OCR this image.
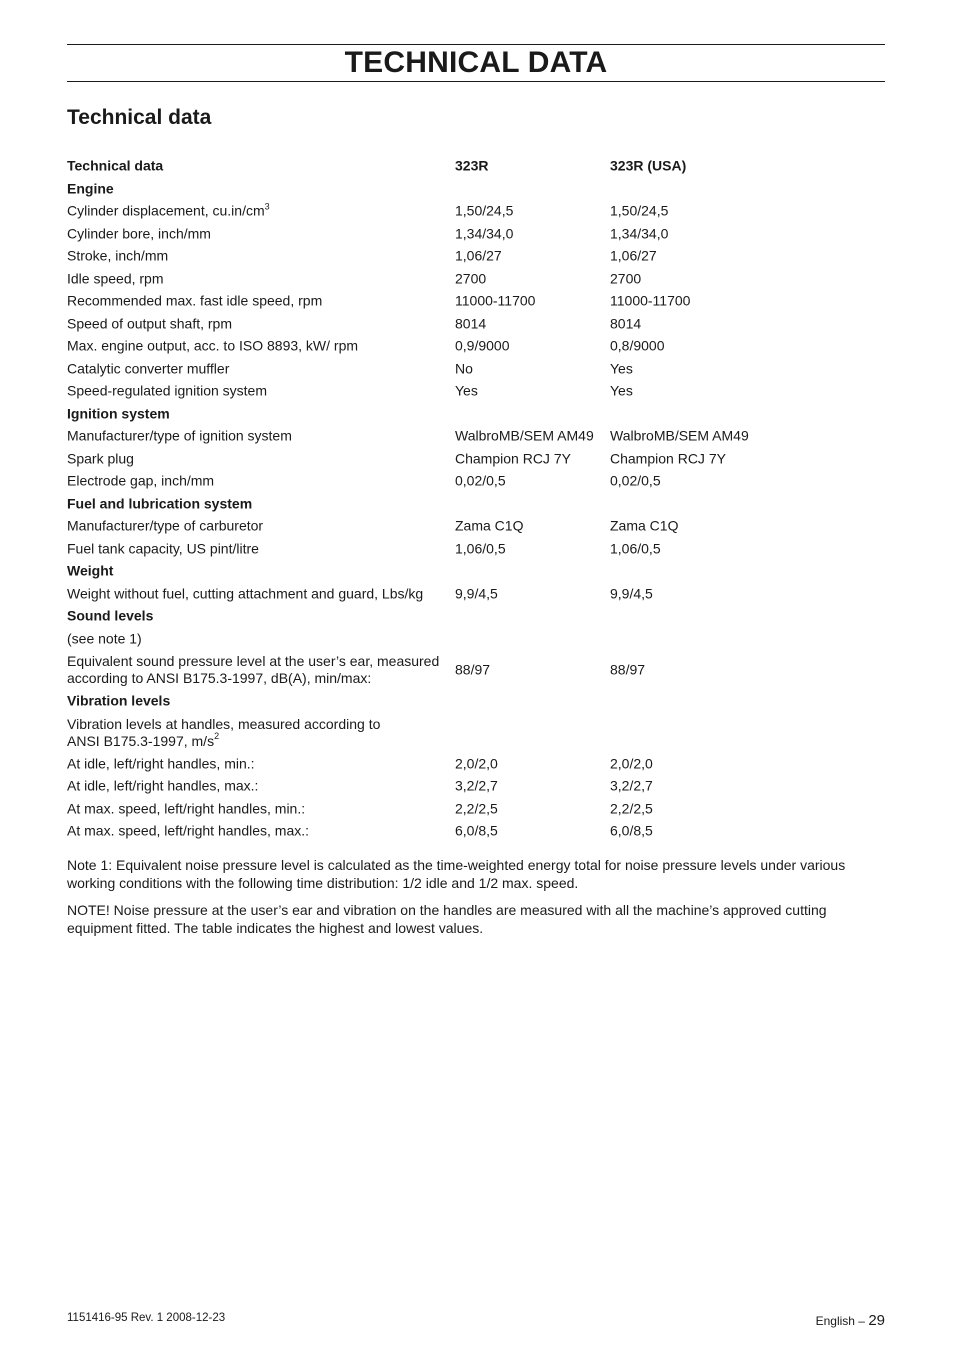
TECHNICAL DATA
Technical data
Technical data	323R	323R (USA)
Engine
Cylinder displacement, $cu.in/cm^3$	1,50/24,5	1,50/24,5
Cylinder bore, inch/mm	1,34/34,0	1,34/34,0
Stroke, inch/mm	1,06/27	1,06/27
Idle speed, rpm	2700	2700
Recommended max. fast idle speed, rpm	11000-11700	11000-11700
Speed of output shaft, rpm	8014	8014
Max. engine output, acc. to ISO 8893, kW/ rpm	0,9/9000	0,8/9000
Catalytic converter muffler	No	Yes
Speed-regulated ignition system	Yes	Yes
Ignition system
Manufacturer/type of ignition system	WalbroMB/SEM AM49	WalbroMB/SEM AM49
Spark plug	Champion RCJ 7Y	Champion RCJ 7Y
Electrode gap, inch/mm	0,02/0,5	0,02/0,5
Fuel and lubrication system
Manufacturer/type of carburetor	Zama C1Q	Zama C1Q
Fuel tank capacity, US pint/litre	1,06/0,5	1,06/0,5
Weight
Weight without fuel, cutting attachment and guard, Lbs/kg	9,9/4,5	9,9/4,5
Sound levels
(see note 1)
Equivalent sound pressure level at the user’s ear, measured
according to ANSI B175.3-1997, dB(A), min/max:
88/97	88/97
Vibration levels
Vibration levels at handles, measured according to
ANSI B175.3-1997, $m/s^2$
At idle, left/right handles, min.:	2,0/2,0	2,0/2,0
At idle, left/right handles, max.:	3,2/2,7	3,2/2,7
At max. speed, left/right handles, min.:	2,2/2,5	2,2/2,5
At max. speed, left/right handles, max.:	6,0/8,5	6,0/8,5

Note 1: Equivalent noise pressure level is calculated as the time-weighted energy total for noise pressure levels under various working conditions with the following time distribution: 1/2 idle and 1/2 max. speed.

NOTE! Noise pressure at the user’s ear and vibration on the handles are measured with all the machine’s approved cutting equipment fitted. The table indicates the highest and lowest values.

1151416-95 Rev. 1 2008-12-23	English – 29
